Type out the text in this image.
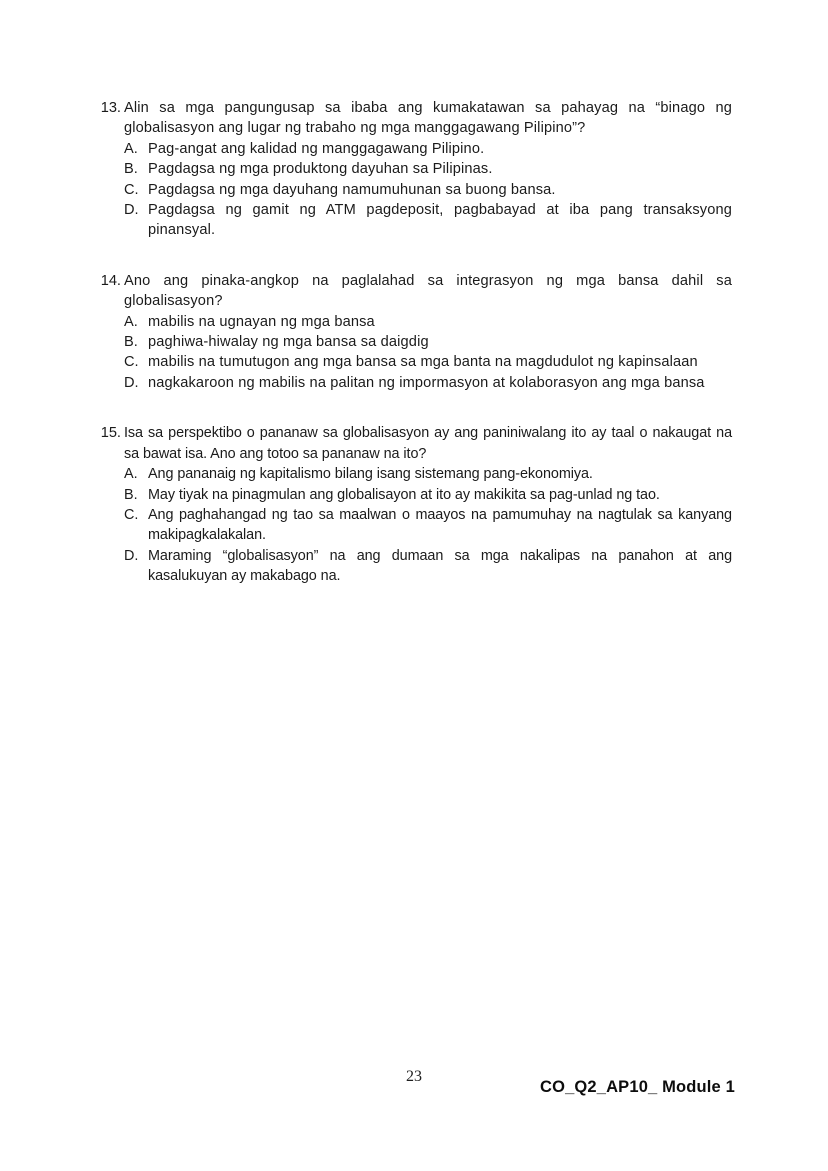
13. Alin sa mga pangungusap sa ibaba ang kumakatawan sa pahayag na “binago ng globalisasyon ang lugar ng trabaho ng mga manggagawang Pilipino”?
A. Pag-angat ang kalidad ng manggagawang Pilipino.
B. Pagdagsa ng mga produktong dayuhan sa Pilipinas.
C. Pagdagsa ng mga dayuhang namumuhunan sa buong bansa.
D. Pagdagsa ng gamit ng ATM pagdeposit, pagbabayad at iba pang transaksyong pinansyal.
14. Ano ang pinaka-angkop na paglalahad sa integrasyon ng mga bansa dahil sa globalisasyon?
A. mabilis na ugnayan ng mga bansa
B. paghiwa-hiwalay ng mga bansa sa daigdig
C. mabilis na tumutugon ang mga bansa sa mga banta na magdudulot ng kapinsalaan
D. nagkakaroon ng mabilis na palitan ng impormasyon at kolaborasyon ang mga bansa
15. Isa sa perspektibo o pananaw sa globalisasyon ay ang paniniwalang ito ay taal o nakaugat na sa bawat isa. Ano ang totoo sa pananaw na ito?
A. Ang pananaig ng kapitalismo bilang isang sistemang pang-ekonomiya.
B. May tiyak na pinagmulan ang globalisayon at ito ay makikita sa pag-unlad ng tao.
C. Ang paghahangad ng tao sa maalwan o maayos na pamumuhay na nagtulak sa kanyang makipagkalakalan.
D. Maraming “globalisasyon” na ang dumaan sa mga nakalipas na panahon at ang kasalukuyan ay makabago na.
23
CO_Q2_AP10_ Module 1
